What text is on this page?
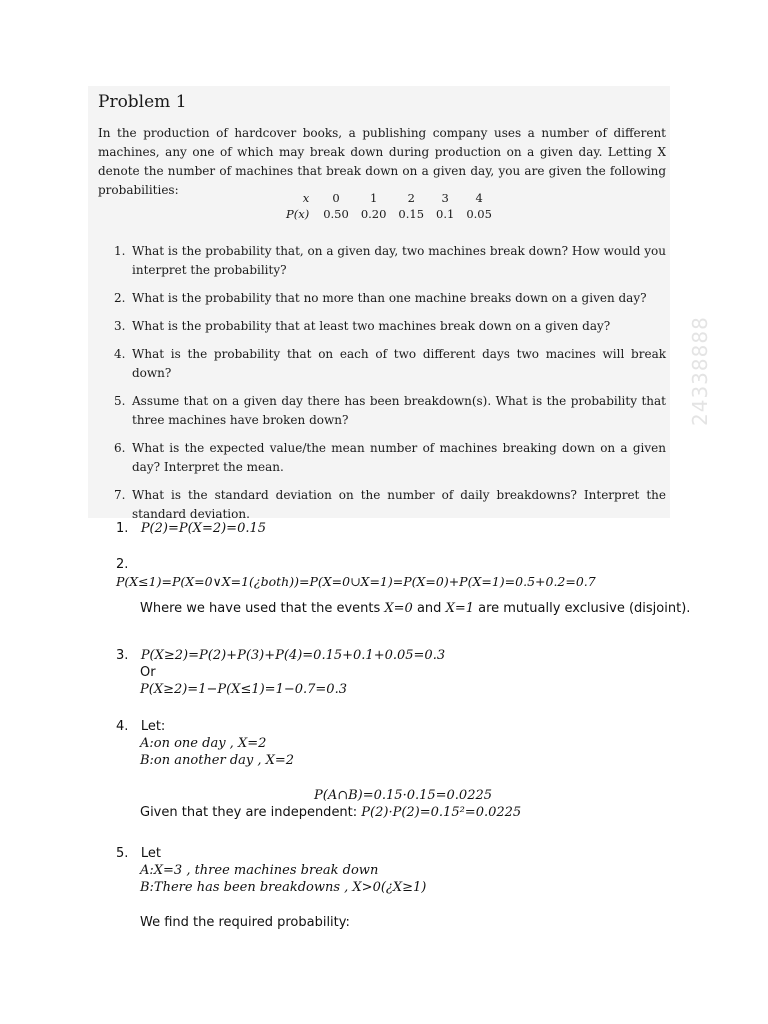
Problem 1
In the production of hardcover books, a publishing company uses a number of different machines, any one of which may break down during production on a given day. Letting X denote the number of machines that break down on a given day, you are given the following probabilities:
x	0	1	2	3	4
P(x)	0.50	0.20	0.15	0.1	0.05
1. What is the probability that, on a given day, two machines break down? How would you interpret the probability?
2. What is the probability that no more than one machine breaks down on a given day?
3. What is the probability that at least two machines break down on a given day?
4. What is the probability that on each of two different days two macines will break down?
5. Assume that on a given day there has been breakdown(s). What is the probability that three machines have broken down?
6. What is the expected value/the mean number of machines breaking down on a given day? Interpret the mean.
7. What is the standard deviation on the number of daily breakdowns? Interpret the standard deviation.
24338888
1. P(2)=P(X=2)=0.15
2.
P(X≤1)=P(X=0∨X=1(¿both))=P(X=0∪X=1)=P(X=0)+P(X=1)=0.5+0.2=0.7
Where we have used that the events X=0 and X=1 are mutually exclusive (disjoint).
3. P(X≥2)=P(2)+P(3)+P(4)=0.15+0.1+0.05=0.3
Or
P(X≥2)=1−P(X≤1)=1−0.7=0.3
4. Let:
A:on one day , X=2
B:on another day , X=2
P(A∩B)=0.15·0.15=0.0225
Given that they are independent: P(2)·P(2)=0.15²=0.0225
5. Let
A:X=3 , three machines break down
B:There has been breakdowns , X>0(¿X≥1)
We find the required probability:
